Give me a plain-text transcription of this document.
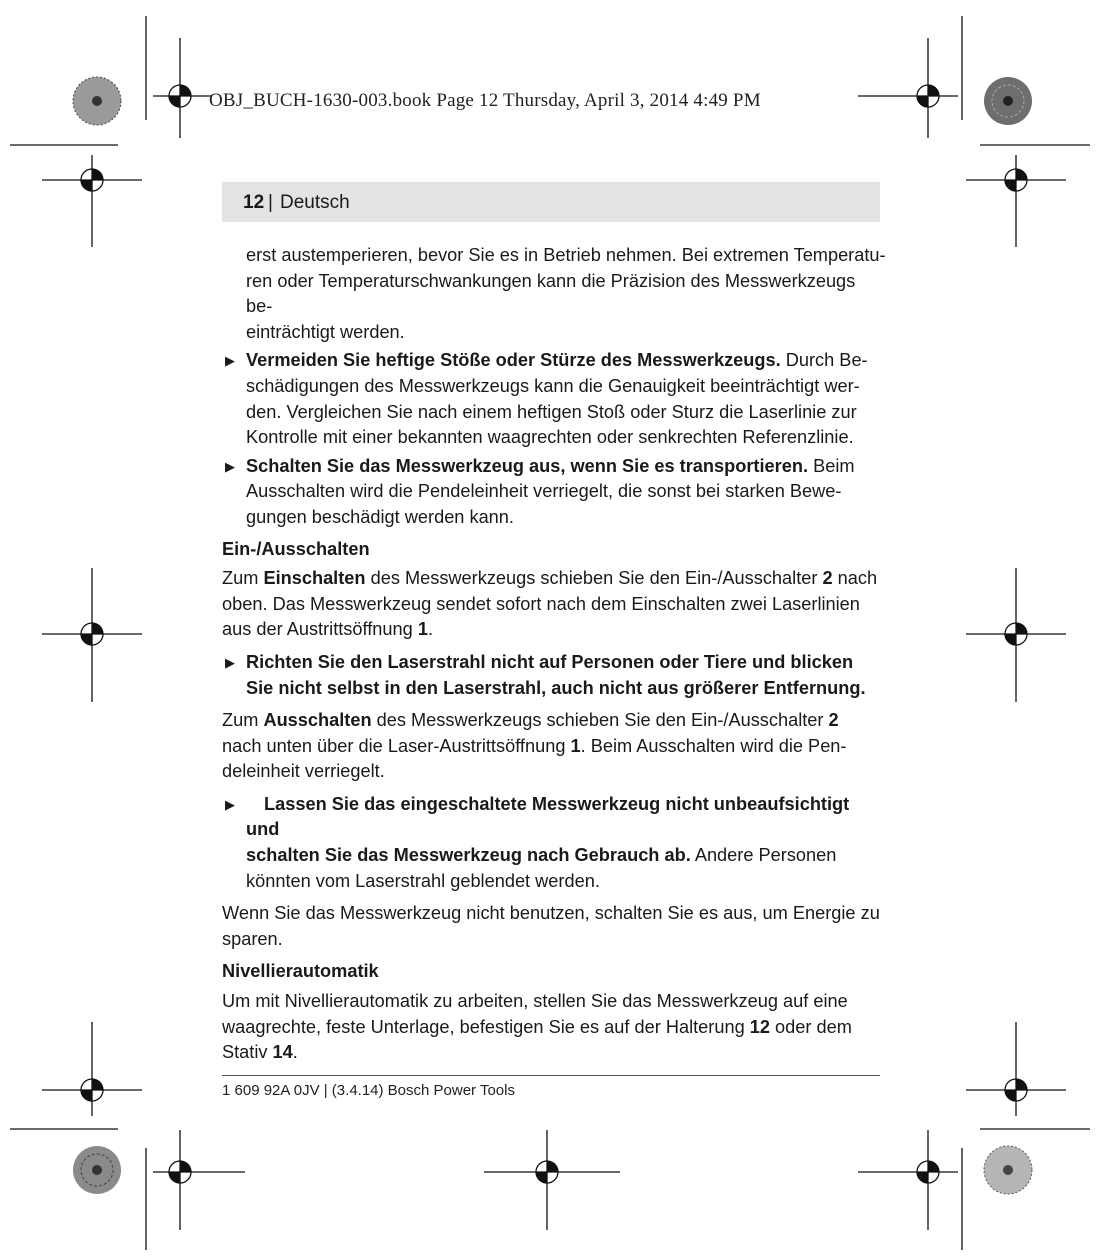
OBJ_BUCH-1630-003.book Page 12 Thursday, April 3, 2014 4:49 PM
12 | Deutsch

erst austemperieren, bevor Sie es in Betrieb nehmen. Bei extremen Temperatu-
ren oder Temperaturschwankungen kann die Präzision des Messwerkzeugs be-
einträchtigt werden.

▶ Vermeiden Sie heftige Stöße oder Stürze des Messwerkzeugs. Durch Be-
schädigungen des Messwerkzeugs kann die Genauigkeit beeinträchtigt wer-
den. Vergleichen Sie nach einem heftigen Stoß oder Sturz die Laserlinie zur
Kontrolle mit einer bekannten waagrechten oder senkrechten Referenzlinie.

▶ Schalten Sie das Messwerkzeug aus, wenn Sie es transportieren. Beim
Ausschalten wird die Pendeleinheit verriegelt, die sonst bei starken Bewe-
gungen beschädigt werden kann.

Ein-/Ausschalten

Zum Einschalten des Messwerkzeugs schieben Sie den Ein-/Ausschalter 2 nach
oben. Das Messwerkzeug sendet sofort nach dem Einschalten zwei Laserlinien
aus der Austrittsöffnung 1.

▶ Richten Sie den Laserstrahl nicht auf Personen oder Tiere und blicken
Sie nicht selbst in den Laserstrahl, auch nicht aus größerer Entfernung.

Zum Ausschalten des Messwerkzeugs schieben Sie den Ein-/Ausschalter 2
nach unten über die Laser-Austrittsöffnung 1. Beim Ausschalten wird die Pen-
deleinheit verriegelt.

▶ Lassen Sie das eingeschaltete Messwerkzeug nicht unbeaufsichtigt und
schalten Sie das Messwerkzeug nach Gebrauch ab. Andere Personen
könnten vom Laserstrahl geblendet werden.

Wenn Sie das Messwerkzeug nicht benutzen, schalten Sie es aus, um Energie zu
sparen.

Nivellierautomatik

Um mit Nivellierautomatik zu arbeiten, stellen Sie das Messwerkzeug auf eine
waagrechte, feste Unterlage, befestigen Sie es auf der Halterung 12 oder dem
Stativ 14.

1 609 92A 0JV | (3.4.14) Bosch Power Tools
